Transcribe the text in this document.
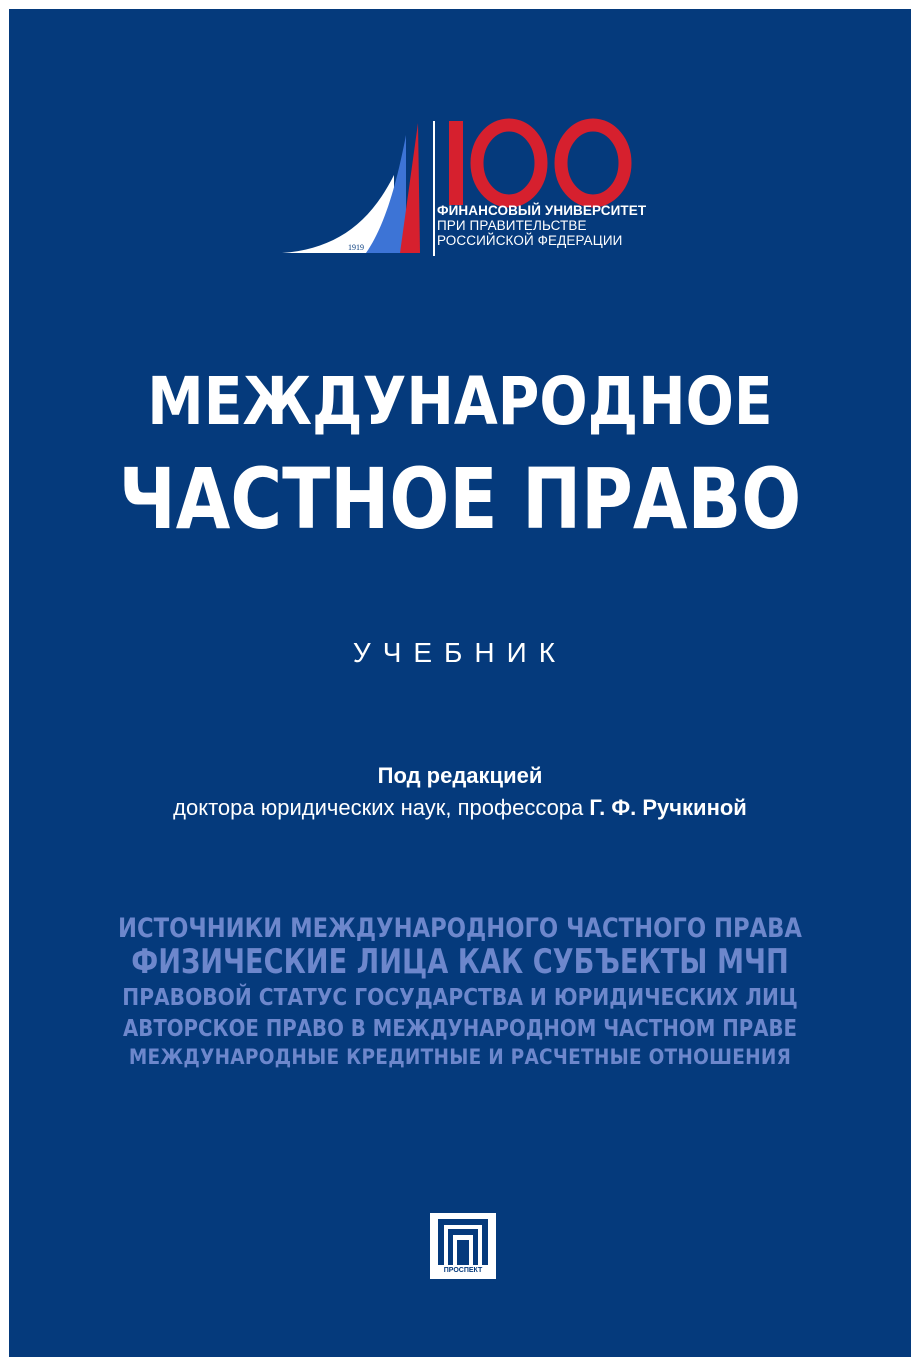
1919
ФИНАНСОВЫЙ УНИВЕРСИТЕТ
ПРИ ПРАВИТЕЛЬСТВЕ
РОССИЙСКОЙ ФЕДЕРАЦИИ
МЕЖДУНАРОДНОЕ
ЧАСТНОЕ ПРАВО
УЧЕБНИК
Под редакцией
доктора юридических наук, профессора Г. Ф. Ручкиной
ИСТОЧНИКИ МЕЖДУНАРОДНОГО ЧАСТНОГО ПРАВА
ФИЗИЧЕСКИЕ ЛИЦА КАК СУБЪЕКТЫ МЧП
ПРАВОВОЙ СТАТУС ГОСУДАРСТВА И ЮРИДИЧЕСКИХ ЛИЦ
АВТОРСКОЕ ПРАВО В МЕЖДУНАРОДНОМ ЧАСТНОМ ПРАВЕ
МЕЖДУНАРОДНЫЕ КРЕДИТНЫЕ И РАСЧЕТНЫЕ ОТНОШЕНИЯ
ПРОСПЕКТ
